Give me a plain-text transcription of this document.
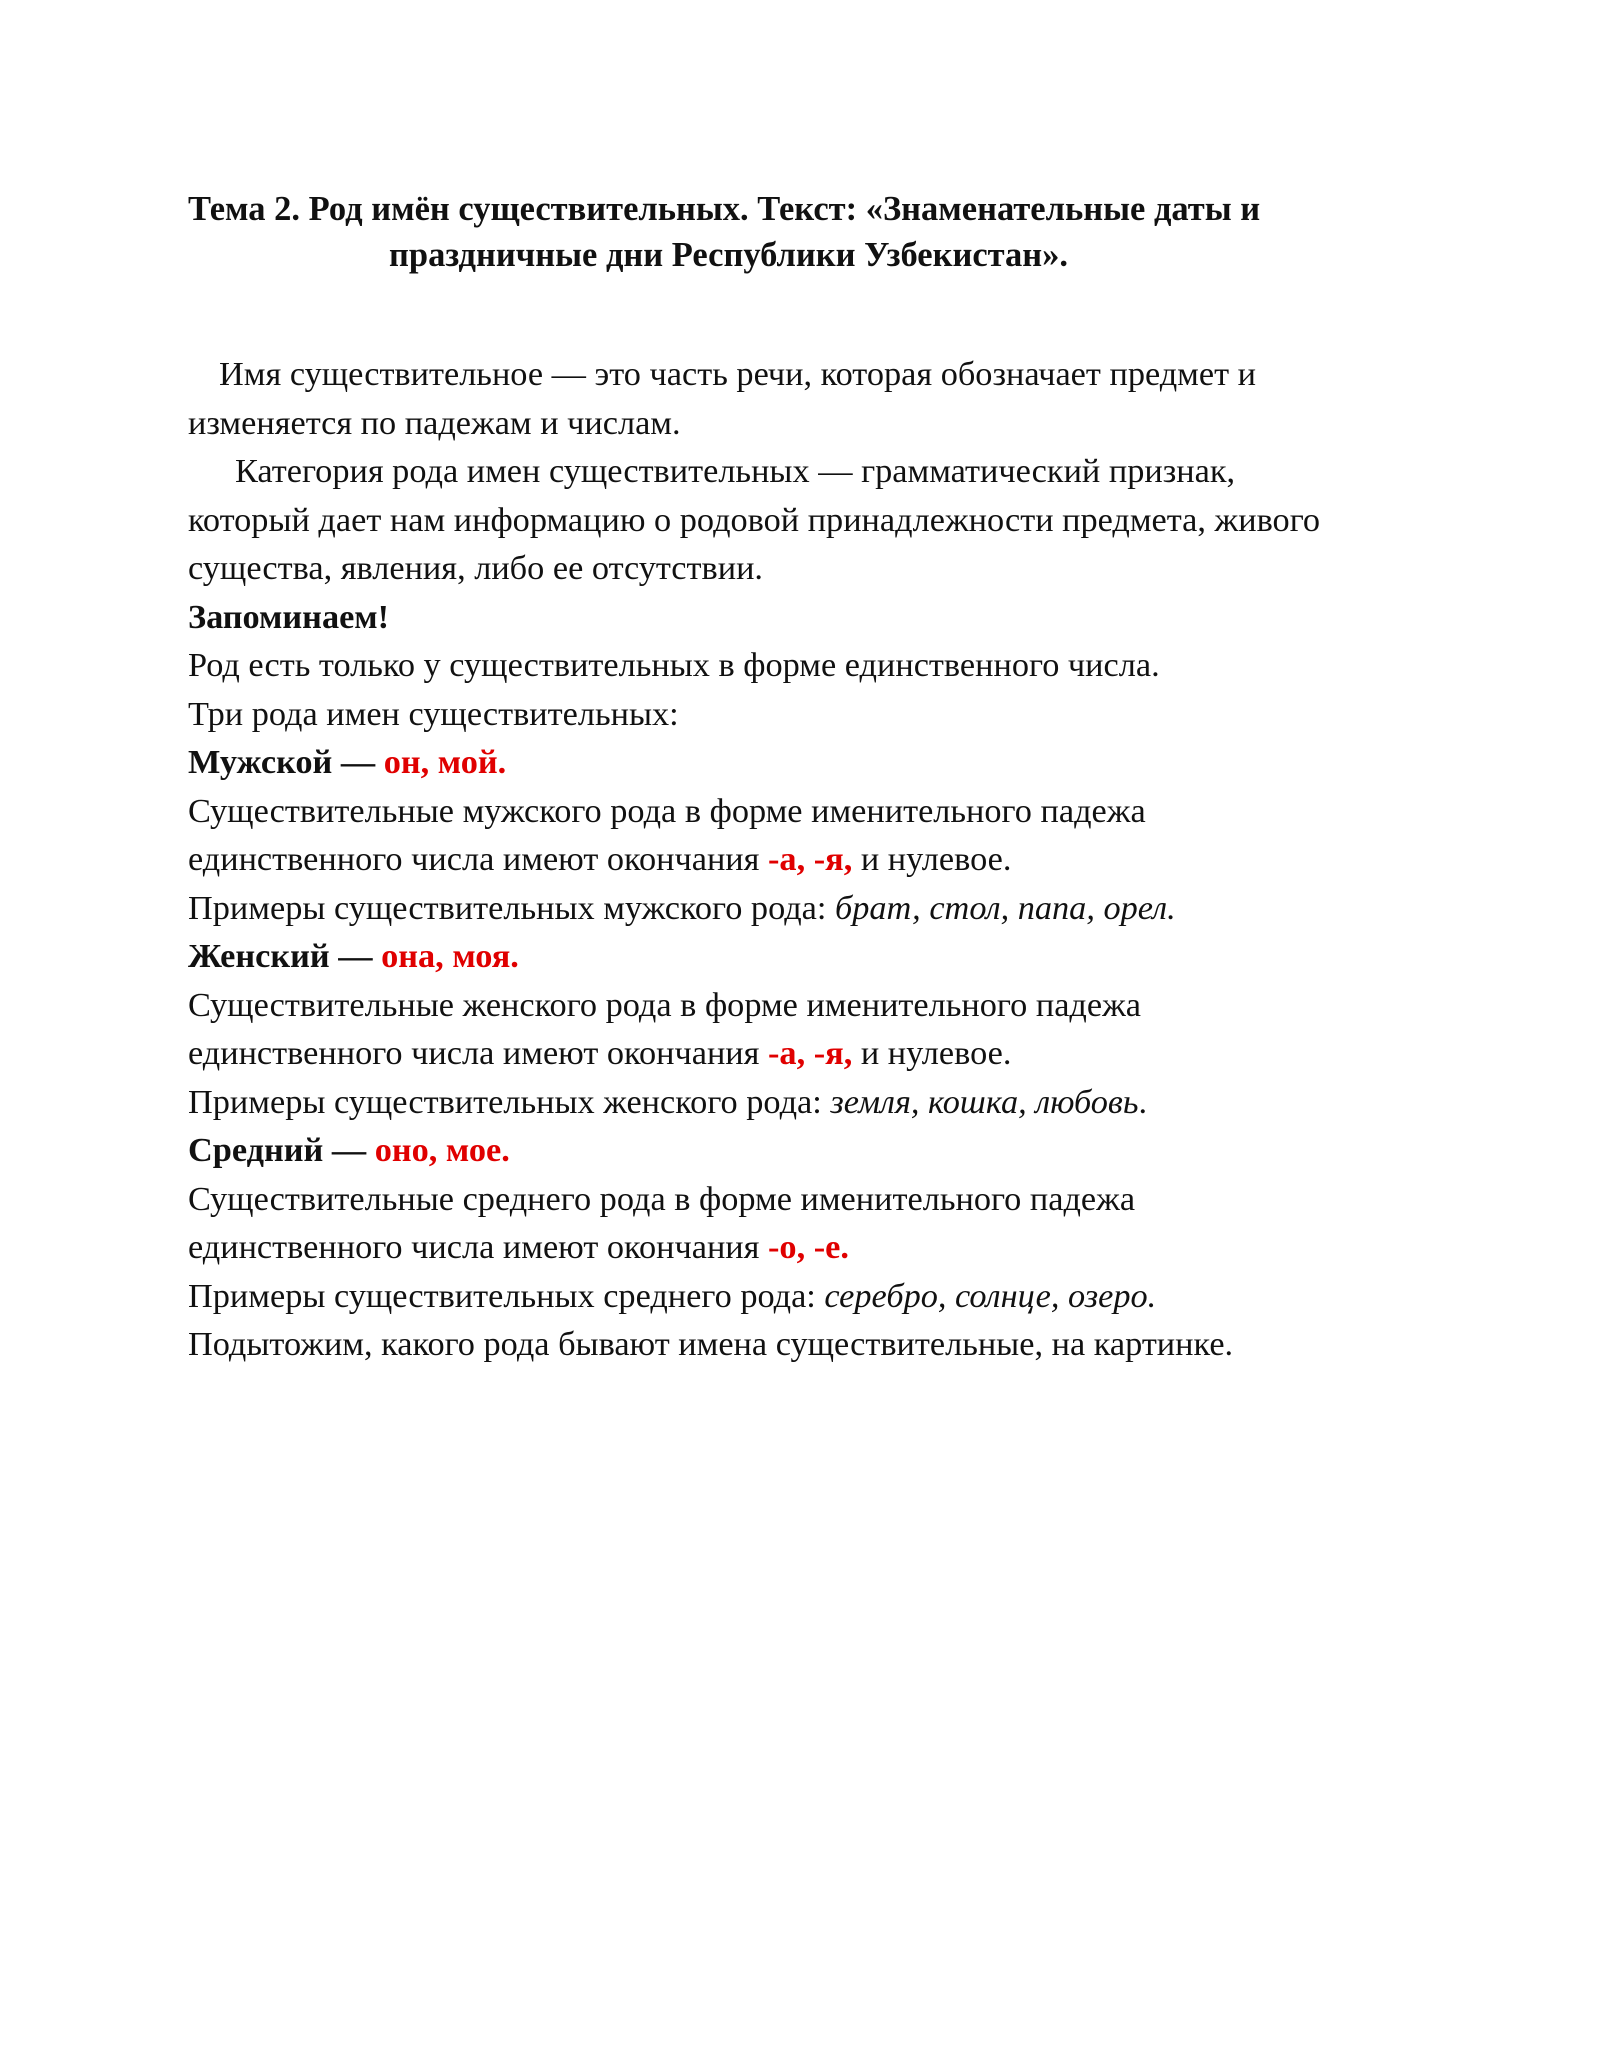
Тема 2. Род имён существительных. Текст: «Знаменательные даты и
праздничные дни Республики Узбекистан».
Имя существительное — это часть речи, которая обозначает предмет и
изменяется по падежам и числам.
Категория рода имен существительных — грамматический признак,
который дает нам информацию о родовой принадлежности предмета, живого
существа, явления, либо ее отсутствии.
Запоминаем!
Род есть только у существительных в форме единственного числа.
Три рода имен существительных:
Мужской — он, мой.
Существительные мужского рода в форме именительного падежа
единственного числа имеют окончания -а, -я, и нулевое.
Примеры существительных мужского рода: брат, стол, папа, орел.
Женский — она, моя.
Существительные женского рода в форме именительного падежа
единственного числа имеют окончания -а, -я, и нулевое.
Примеры существительных женского рода: земля, кошка, любовь.
Средний — оно, мое.
Существительные среднего рода в форме именительного падежа
единственного числа имеют окончания -о, -е.
Примеры существительных среднего рода: серебро, солнце, озеро.
Подытожим, какого рода бывают имена существительные, на картинке.
